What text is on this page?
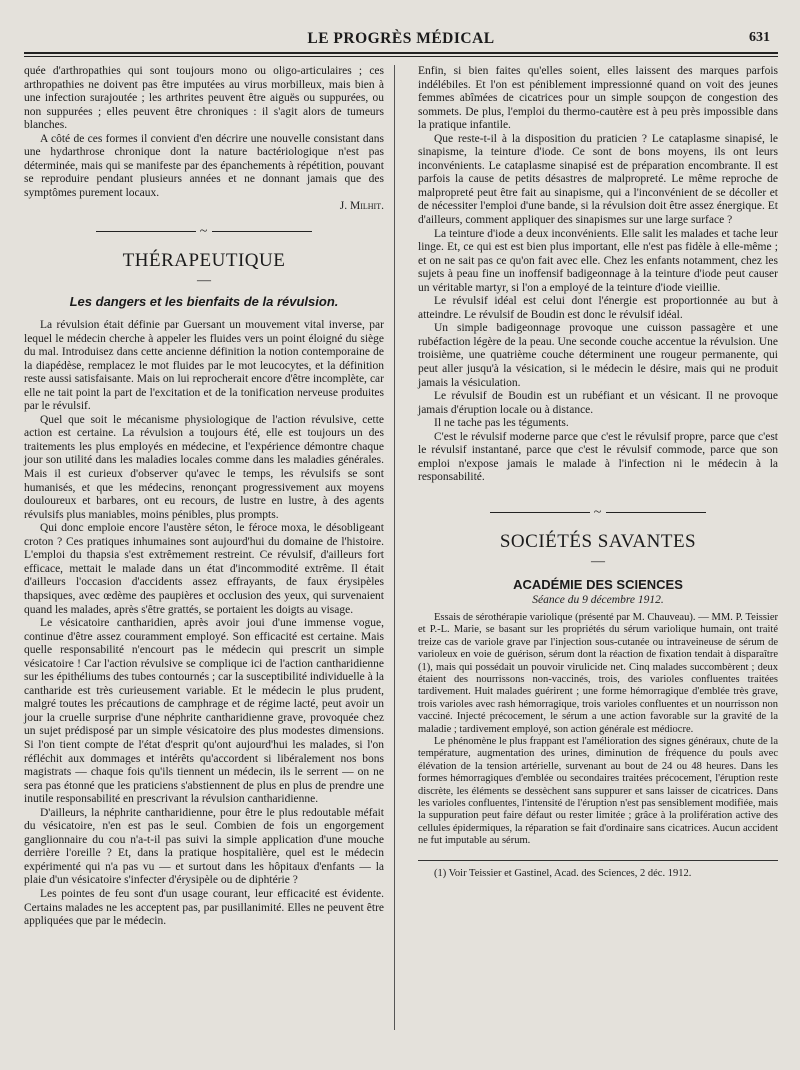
LE PROGRÈS MÉDICAL	631

quée d'arthropathies qui sont toujours mono ou oligo-articulaires ; ces arthropathies ne doivent pas être imputées au virus morbilleux, mais bien à une infection surajoutée ; les arthrites peuvent être aiguës ou suppurées, ou non suppurées ; elles peuvent être chroniques : il s'agit alors de tumeurs blanches.

A côté de ces formes il convient d'en décrire une nouvelle consistant dans une hydarthrose chronique dont la nature bactériologique n'est pas déterminée, mais qui se manifeste par des épanchements à répétition, pouvant se reproduire pendant plusieurs années et ne donnant jamais que des symptômes purement locaux.

J. Milhit.
~
THÉRAPEUTIQUE
—
Les dangers et les bienfaits de la révulsion.

La révulsion était définie par Guersant un mouvement vital inverse, par lequel le médecin cherche à appeler les fluides vers un point éloigné du siège du mal. Introduisez dans cette ancienne définition la notion contemporaine de la diapédèse, remplacez le mot fluides par le mot leucocytes, et la définition reste aussi satisfaisante. Mais on lui reprocherait encore d'être incomplète, car elle ne tait point la part de l'excitation et de la tonification nerveuse produites par le révulsif.

Quel que soit le mécanisme physiologique de l'action révulsive, cette action est certaine. La révulsion a toujours été, elle est toujours un des traitements les plus employés en médecine, et l'expérience démontre chaque jour son utilité dans les maladies locales comme dans les maladies générales. Mais il est curieux d'observer qu'avec le temps, les révulsifs se sont humanisés, et que les médecins, renonçant progressivement aux moyens douloureux et barbares, ont eu recours, de lustre en lustre, à des agents révulsifs plus maniables, moins pénibles, plus prompts.

Qui donc emploie encore l'austère séton, le féroce moxa, le désobligeant croton ? Ces pratiques inhumaines sont aujourd'hui du domaine de l'histoire. L'emploi du thapsia s'est extrêmement restreint. Ce révulsif, d'ailleurs fort efficace, mettait le malade dans un état d'incommodité extrême. Il était d'ailleurs l'occasion d'accidents assez effrayants, de faux érysipèles thapsiques, avec œdème des paupières et occlusion des yeux, qui survenaient quand les malades, après s'être grattés, se portaient les doigts au visage.

Le vésicatoire cantharidien, après avoir joui d'une immense vogue, continue d'être assez couramment employé. Son efficacité est certaine. Mais quelle responsabilité n'encourt pas le médecin qui prescrit un simple vésicatoire ! Car l'action révulsive se complique ici de l'action cantharidienne sur les épithéliums des tubes contournés ; car la susceptibilité individuelle à la cantharide est très curieusement variable. Et le médecin le plus prudent, malgré toutes les précautions de camphrage et de régime lacté, peut avoir un jour la cruelle surprise d'une néphrite cantharidienne grave, provoquée chez un sujet prédisposé par un simple vésicatoire des plus modestes dimensions. Si l'on tient compte de l'état d'esprit qu'ont aujourd'hui les malades, si l'on réfléchit aux dommages et intérêts qu'accordent si libéralement nos bons magistrats — chaque fois qu'ils tiennent un médecin, ils le serrent — on ne sera pas étonné que les praticiens s'abstiennent de plus en plus de prendre une inutile responsabilité en prescrivant la révulsion cantharidienne.

D'ailleurs, la néphrite cantharidienne, pour être le plus redoutable méfait du vésicatoire, n'en est pas le seul. Combien de fois un engorgement ganglionnaire du cou n'a-t-il pas suivi la simple application d'une mouche derrière l'oreille ? Et, dans la pratique hospitalière, quel est le médecin expérimenté qui n'a pas vu — et surtout dans les hôpitaux d'enfants — la plaie d'un vésicatoire s'infecter d'érysipèle ou de diphtérie ?

Les pointes de feu sont d'un usage courant, leur efficacité est évidente. Certains malades ne les acceptent pas, par pusillanimité. Elles ne peuvent être appliquées que par le médecin.

Enfin, si bien faites qu'elles soient, elles laissent des marques parfois indélébiles. Et l'on est péniblement impressionné quand on voit des jeunes femmes abîmées de cicatrices pour un simple soupçon de congestion des sommets. De plus, l'emploi du thermo-cautère est à peu près impossible dans la pratique infantile.

Que reste-t-il à la disposition du praticien ? Le cataplasme sinapisé, le sinapisme, la teinture d'iode. Ce sont de bons moyens, ils ont leurs inconvénients. Le cataplasme sinapisé est de préparation encombrante. Il est parfois la cause de petits désastres de malpropreté. Le même reproche de malpropreté peut être fait au sinapisme, qui a l'inconvénient de se décoller et de nécessiter l'emploi d'une bande, si la révulsion doit être assez énergique. Et d'ailleurs, comment appliquer des sinapismes sur une large surface ?

La teinture d'iode a deux inconvénients. Elle salit les malades et tache leur linge. Et, ce qui est est bien plus important, elle n'est pas fidèle à elle-même ; et on ne sait pas ce qu'on fait avec elle. Chez les enfants notamment, chez les sujets à peau fine un inoffensif badigeonnage à la teinture d'iode peut causer un véritable martyr, si l'on a employé de la teinture d'iode vieillie.

Le révulsif idéal est celui dont l'énergie est proportionnée au but à atteindre. Le révulsif de Boudin est donc le révulsif idéal.

Un simple badigeonnage provoque une cuisson passagère et une rubéfaction légère de la peau. Une seconde couche accentue la révulsion. Une troisième, une quatrième couche déterminent une rougeur permanente, qui peut aller jusqu'à la vésication, si le médecin le désire, mais qui ne produit jamais la vésiculation.

Le révulsif de Boudin est un rubéfiant et un vésicant. Il ne provoque jamais d'éruption locale ou à distance.

Il ne tache pas les téguments.

C'est le révulsif moderne parce que c'est le révulsif propre, parce que c'est le révulsif instantané, parce que c'est le révulsif commode, parce que son emploi n'expose jamais le malade à l'infection ni le médecin à la responsabilité.

~
SOCIÉTÉS SAVANTES
—
ACADÉMIE DES SCIENCES
Séance du 9 décembre 1912.

Essais de sérothérapie variolique (présenté par M. Chauveau). — MM. P. Teissier et P.-L. Marie, se basant sur les propriétés du sérum variolique humain, ont traité treize cas de variole grave par l'injection sous-cutanée ou intraveineuse de sérum de varioleux en voie de guérison, sérum dont la réaction de fixation tendait à disparaître (1), mais qui possédait un pouvoir virulicide net. Cinq malades succombèrent ; deux étaient des nourrissons non-vaccinés, trois, des varioles confluentes traitées tardivement. Huit malades guérirent ; une forme hémorragique d'emblée très grave, trois varioles avec rash hémorragique, trois varioles confluentes et un nourrisson non vacciné. Injecté précocement, le sérum a une action favorable sur la gravité de la maladie ; tardivement employé, son action générale est médiocre.

Le phénomène le plus frappant est l'amélioration des signes généraux, chute de la température, augmentation des urines, diminution de fréquence du pouls avec élévation de la tension artérielle, survenant au bout de 24 ou 48 heures. Dans les formes hémorragiques d'emblée ou secondaires traitées précocement, l'éruption reste discrète, les éléments se dessèchent sans suppurer et sans laisser de cicatrices. Dans les varioles confluentes, l'intensité de l'éruption n'est pas sensiblement modifiée, mais la suppuration peut faire défaut ou rester limitée ; grâce à la prolifération active des cellules épidermiques, la réparation se fait d'ordinaire sans cicatrices. Aucun accident ne fut imputable au sérum.

(1) Voir Teissier et Gastinel, Acad. des Sciences, 2 déc. 1912.
